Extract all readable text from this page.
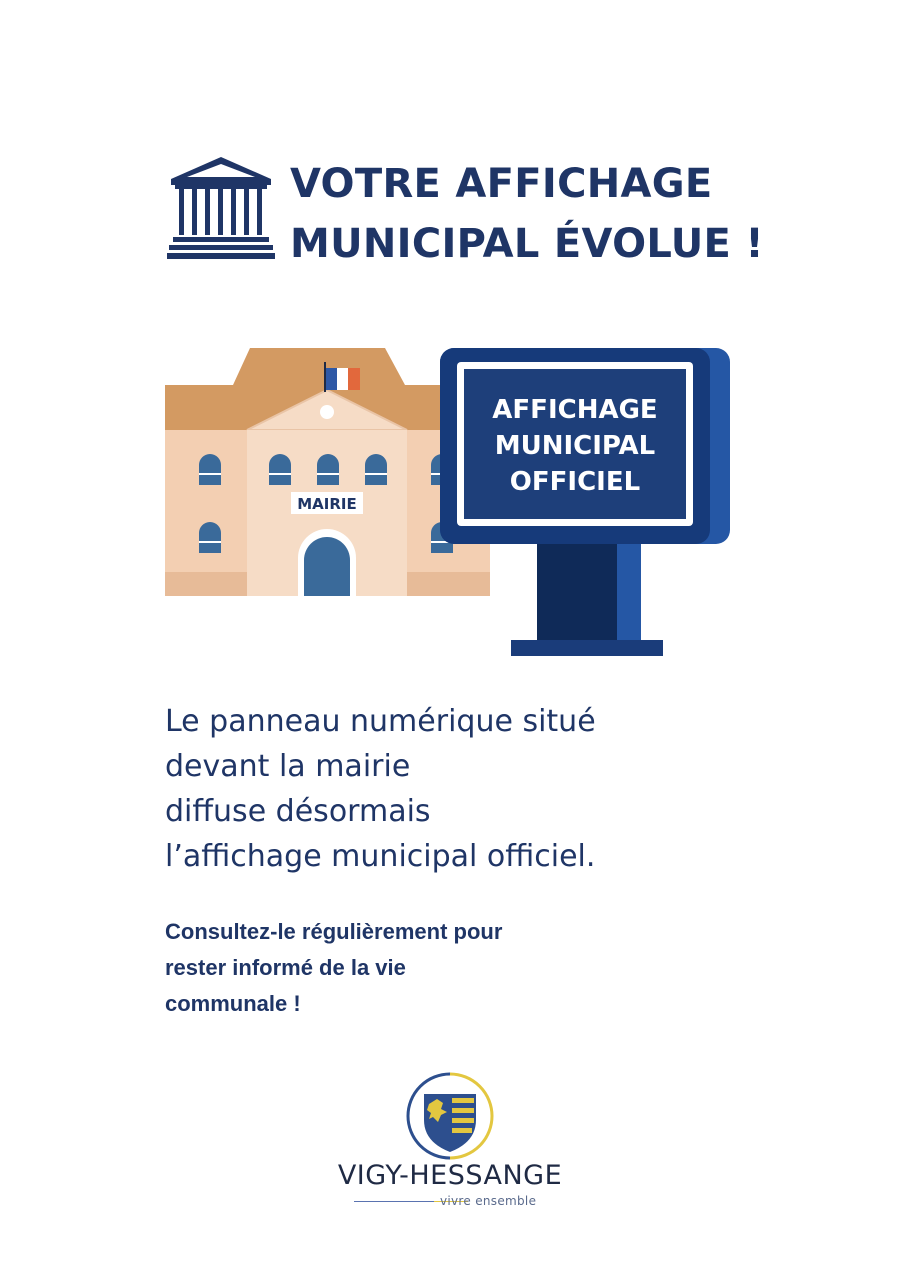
VOTRE AFFICHAGE
MUNICIPAL ÉVOLUE !
MAIRIE
AFFICHAGE
MUNICIPAL
OFFICIEL
Le panneau numérique situé
devant la mairie
diffuse désormais
l’affichage municipal officiel.
Consultez-le régulièrement pour
rester informé de la vie
communale !
VIGY-HESSANGE
vivre ensemble
